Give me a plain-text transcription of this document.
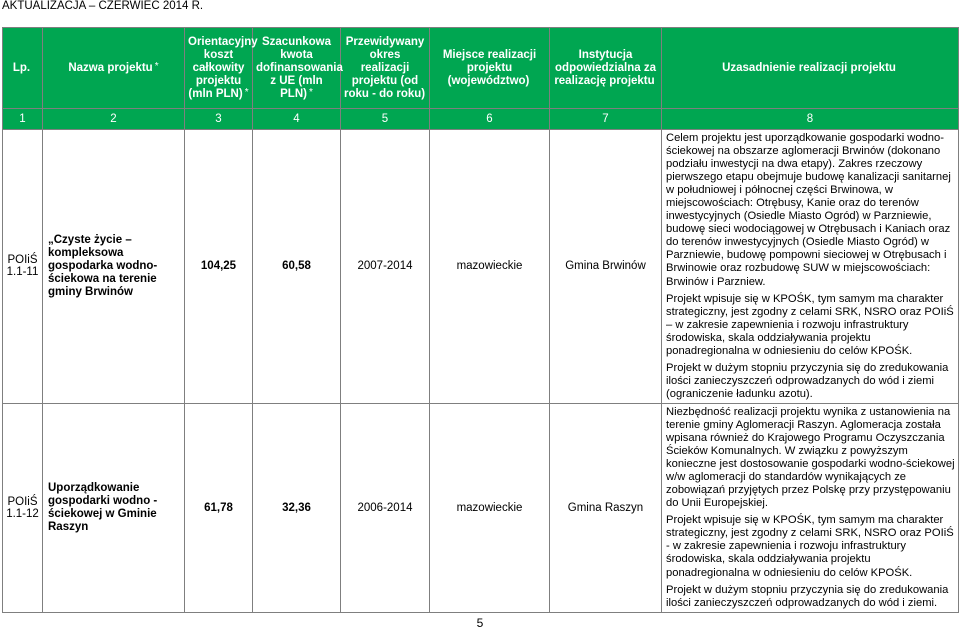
AKTUALIZACJA – CZERWIEC 2014 R.
Lp.	Nazwa projektu *	Orientacyjny koszt całkowity projektu (mln PLN) *	Szacunkowa kwota dofinansowania z UE (mln PLN) *	Przewidywany okres realizacji projektu (od roku - do roku)	Miejsce realizacji projektu (województwo)	Instytucja odpowiedzialna za realizację projektu	Uzasadnienie realizacji projektu
1	2	3	4	5	6	7	8
POIiŚ 1.1-11	„Czyste życie – kompleksowa gospodarka wodno-ściekowa na terenie gminy Brwinów	104,25	60,58	2007-2014	mazowieckie	Gmina Brwinów	Celem projektu jest uporządkowanie gospodarki wodno-ściekowej na obszarze aglomeracji Brwinów (dokonano podziału inwestycji na dwa etapy). Zakres rzeczowy pierwszego etapu obejmuje budowę kanalizacji sanitarnej w południowej i północnej części Brwinowa, w miejscowościach: Otrębusy, Kanie oraz do terenów inwestycyjnych (Osiedle Miasto Ogród) w Parzniewie, budowę sieci wodociągowej w Otrębusach i Kaniach oraz do terenów inwestycyjnych (Osiedle Miasto Ogród) w Parzniewie, budowę pompowni sieciowej w Otrębusach i Brwinowie oraz rozbudowę SUW w miejscowościach: Brwinów i Parzniew.

Projekt wpisuje się w KPOŚK, tym samym ma charakter strategiczny, jest zgodny z celami SRK, NSRO oraz POIiŚ – w zakresie zapewnienia i rozwoju infrastruktury środowiska, skala oddziaływania projektu ponadregionalna w odniesieniu do celów KPOŚK.

Projekt w dużym stopniu przyczynia się do zredukowania ilości zanieczyszczeń odprowadzanych do wód i ziemi (ograniczenie ładunku azotu).

POIiŚ 1.1-12	Uporządkowanie gospodarki wodno - ściekowej w Gminie Raszyn	61,78	32,36	2006-2014	mazowieckie	Gmina Raszyn	Niezbędność realizacji projektu wynika z ustanowienia na terenie gminy Aglomeracji Raszyn. Aglomeracja została wpisana również do Krajowego Programu Oczyszczania Ścieków Komunalnych. W związku z powyższym konieczne jest dostosowanie gospodarki wodno-ściekowej w/w aglomeracji do standardów wynikających ze zobowiązań przyjętych przez Polskę przy przystępowaniu do Unii Europejskiej.

Projekt wpisuje się w KPOŚK, tym samym ma charakter strategiczny, jest zgodny z celami SRK, NSRO oraz POIiŚ - w zakresie zapewnienia i rozwoju infrastruktury środowiska, skala oddziaływania projektu ponadregionalna w odniesieniu do celów KPOŚK.

Projekt w dużym stopniu przyczynia się do zredukowania ilości zanieczyszczeń odprowadzanych do wód i ziemi.

5
